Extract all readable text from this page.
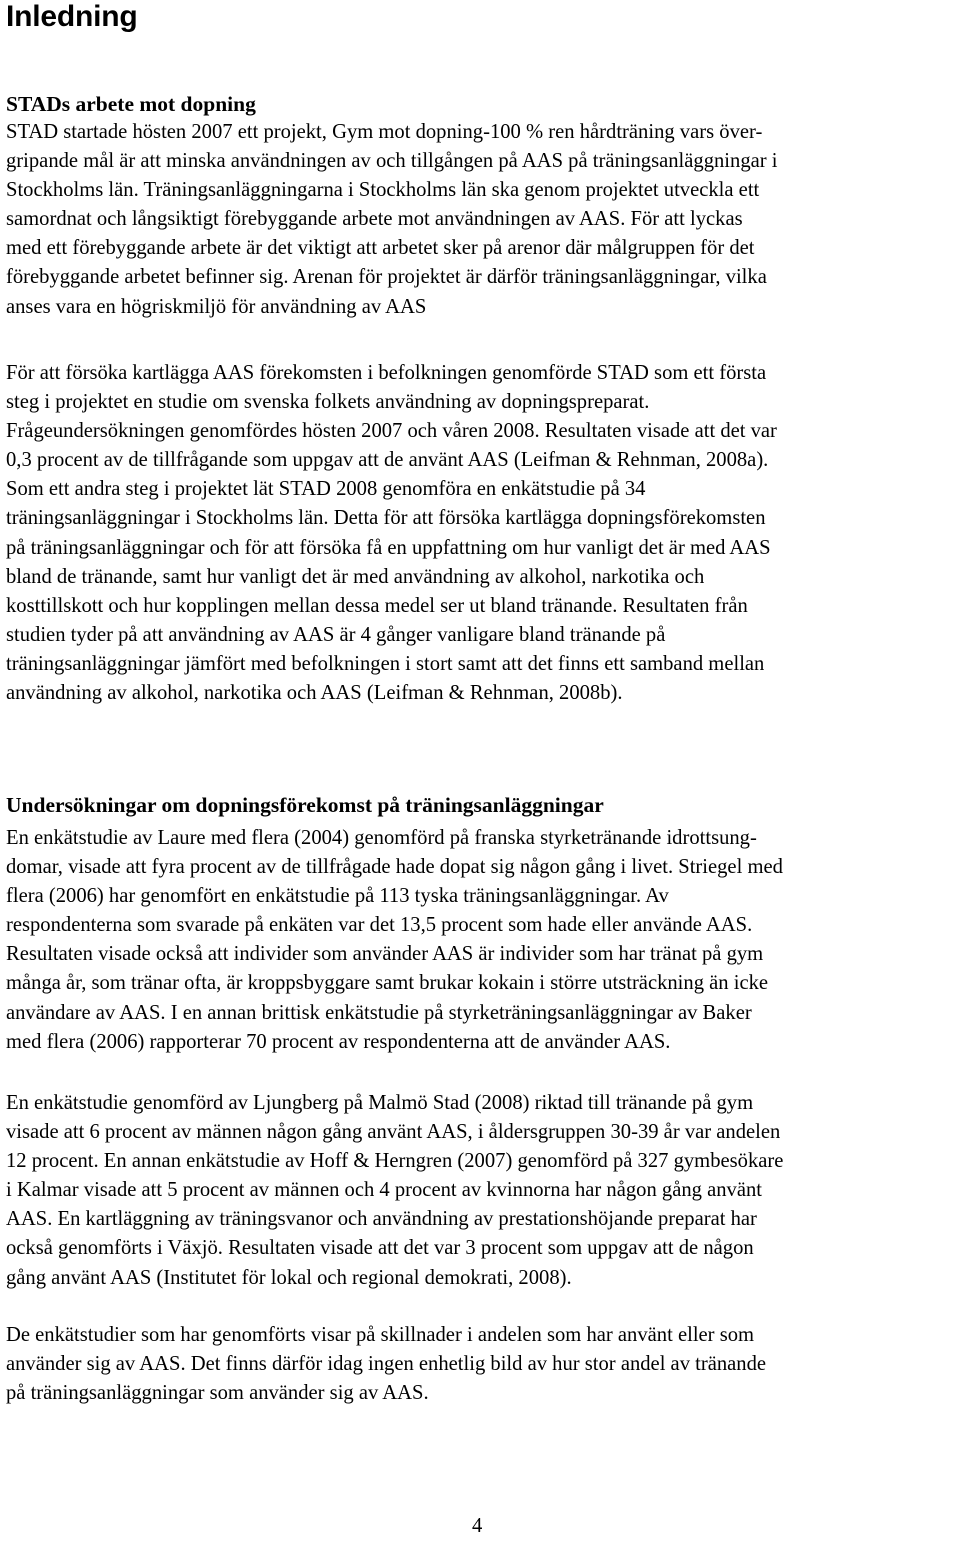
Inledning
STADs arbete mot dopning
STAD startade hösten 2007 ett projekt, Gym mot dopning-100 % ren hårdträning vars över-
gripande mål är att minska användningen av och tillgången på AAS på träningsanläggningar i
Stockholms län. Träningsanläggningarna i Stockholms län ska genom projektet utveckla ett
samordnat och långsiktigt förebyggande arbete mot användningen av AAS. För att lyckas
med ett förebyggande arbete är det viktigt att arbetet sker på arenor där målgruppen för det
förebyggande arbetet befinner sig. Arenan för projektet är därför träningsanläggningar, vilka
anses vara en högriskmiljö för användning av AAS
För att försöka kartlägga AAS förekomsten i befolkningen genomförde STAD som ett första
steg i projektet en studie om svenska folkets användning av dopningspreparat.
Frågeundersökningen genomfördes hösten 2007 och våren 2008. Resultaten visade att det var
0,3 procent av de tillfrågande som uppgav att de använt AAS (Leifman & Rehnman, 2008a).
Som ett andra steg i projektet lät STAD 2008 genomföra en enkätstudie på 34
träningsanläggningar i Stockholms län. Detta för att försöka kartlägga dopningsförekomsten
på träningsanläggningar och för att försöka få en uppfattning om hur vanligt det är med AAS
bland de tränande, samt hur vanligt det är med användning av alkohol, narkotika och
kosttillskott och hur kopplingen mellan dessa medel ser ut bland tränande. Resultaten från
studien tyder på att användning av AAS är 4 gånger vanligare bland tränande på
träningsanläggningar jämfört med befolkningen i stort samt att det finns ett samband mellan
användning av alkohol, narkotika och AAS (Leifman & Rehnman, 2008b).
Undersökningar om dopningsförekomst på träningsanläggningar
En enkätstudie av Laure med flera (2004) genomförd på franska styrketränande idrottsung-
domar, visade att fyra procent av de tillfrågade hade dopat sig någon gång i livet. Striegel med
flera (2006) har genomfört en enkätstudie på 113 tyska träningsanläggningar. Av
respondenterna som svarade på enkäten var det 13,5 procent som hade eller använde AAS.
Resultaten visade också att individer som använder AAS är individer som har tränat på gym
många år, som tränar ofta, är kroppsbyggare samt brukar kokain i större utsträckning än icke
användare av AAS. I en annan brittisk enkätstudie på styrketräningsanläggningar av Baker
med flera (2006) rapporterar 70 procent av respondenterna att de använder AAS.
En enkätstudie genomförd av Ljungberg på Malmö Stad (2008) riktad till tränande på gym
visade att 6 procent av männen någon gång använt AAS, i åldersgruppen 30-39 år var andelen
12 procent. En annan enkätstudie av Hoff & Herngren (2007) genomförd på 327 gymbesökare
i Kalmar visade att 5 procent av männen och 4 procent av kvinnorna har någon gång använt
AAS. En kartläggning av träningsvanor och användning av prestationshöjande preparat har
också genomförts i Växjö. Resultaten visade att det var 3 procent som uppgav att de någon
gång använt AAS (Institutet för lokal och regional demokrati, 2008).
De enkätstudier som har genomförts visar på skillnader i andelen som har använt eller som
använder sig av AAS. Det finns därför idag ingen enhetlig bild av hur stor andel av tränande
på träningsanläggningar som använder sig av AAS.

4
